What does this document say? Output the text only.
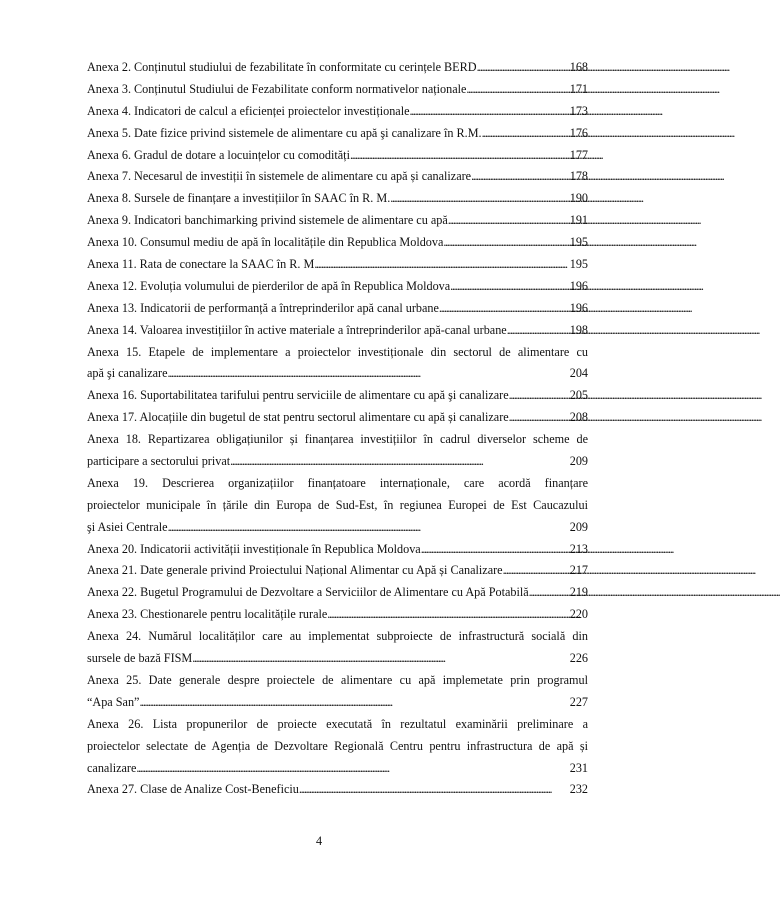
Anexa 2. Conținutul studiului de fezabilitate în conformitate cu cerințele BERD . . .	168
Anexa 3. Conținutul Studiului de Fezabilitate conform normativelor naționale . . .	171
Anexa 4. Indicatori de calcul a eficienței proiectelor investiționale . . .	173
Anexa 5. Date fizice privind sistemele de alimentare cu apă şi canalizare în R.M. . . .	176
Anexa 6. Gradul de dotare a locuințelor cu comodități . . .	177
Anexa 7. Necesarul de investiții în sistemele de alimentare cu apă și canalizare . . .	178
Anexa 8. Sursele de finanțare a investițiilor în SAAC în R. M. . . .	190
Anexa 9. Indicatori banchimarking privind sistemele de alimentare cu apă . . .	191
Anexa 10. Consumul mediu de apă în localitățile din Republica Moldova . . .	195
Anexa 11. Rata de conectare la SAAC în R. M . . .	195
Anexa 12. Evoluția volumului de pierderilor de apă în Republica Moldova . . .	196
Anexa 13. Indicatorii de performanță a întreprinderilor apă canal urbane . . .	196
Anexa 14. Valoarea investițiilor în active materiale a întreprinderilor apă-canal urbane . . .	198
Anexa 15. Etapele de implementare a proiectelor investiționale din sectorul de alimentare cu
apă şi canalizare . . .	204
Anexa 16. Suportabilitatea tarifului pentru serviciile de alimentare cu apă şi canalizare . . .	205
Anexa 17. Alocațiile din bugetul de stat pentru sectorul alimentare cu apă și canalizare . . .	208
Anexa 18. Repartizarea obligațiunilor și finanțarea investițiilor în cadrul diverselor scheme de
participare a sectorului privat . . .	209
Anexa 19. Descrierea organizațiilor finanțatoare internaționale, care acordă finanțare
proiectelor municipale în țările din Europa de Sud-Est, în regiunea Europei de Est Caucazului
şi Asiei Centrale . . .	209
Anexa 20. Indicatorii activității investiționale în Republica Moldova . . .	213
Anexa 21. Date generale privind Proiectului Național Alimentar cu Apă și Canalizare . . .	217
Anexa 22. Bugetul Programului de Dezvoltare a Serviciilor de Alimentare cu Apă Potabilă . . .	219
Anexa 23. Chestionarele pentru localitățile rurale . . .	220
Anexa 24. Numărul localităților care au implementat subproiecte de infrastructură socială din
sursele de bază FISM . . .	226
Anexa 25. Date generale despre proiectele de alimentare cu apă implemetate prin programul
“Apa San” . . .	227
Anexa 26. Lista propunerilor de proiecte executată în rezultatul examinării preliminare a
proiectelor selectate de Agenția de Dezvoltare Regională Centru pentru infrastructura de apă și
canalizare . . .	231
Anexa 27. Clase de Analize Cost-Beneficiu . . .	232
4
